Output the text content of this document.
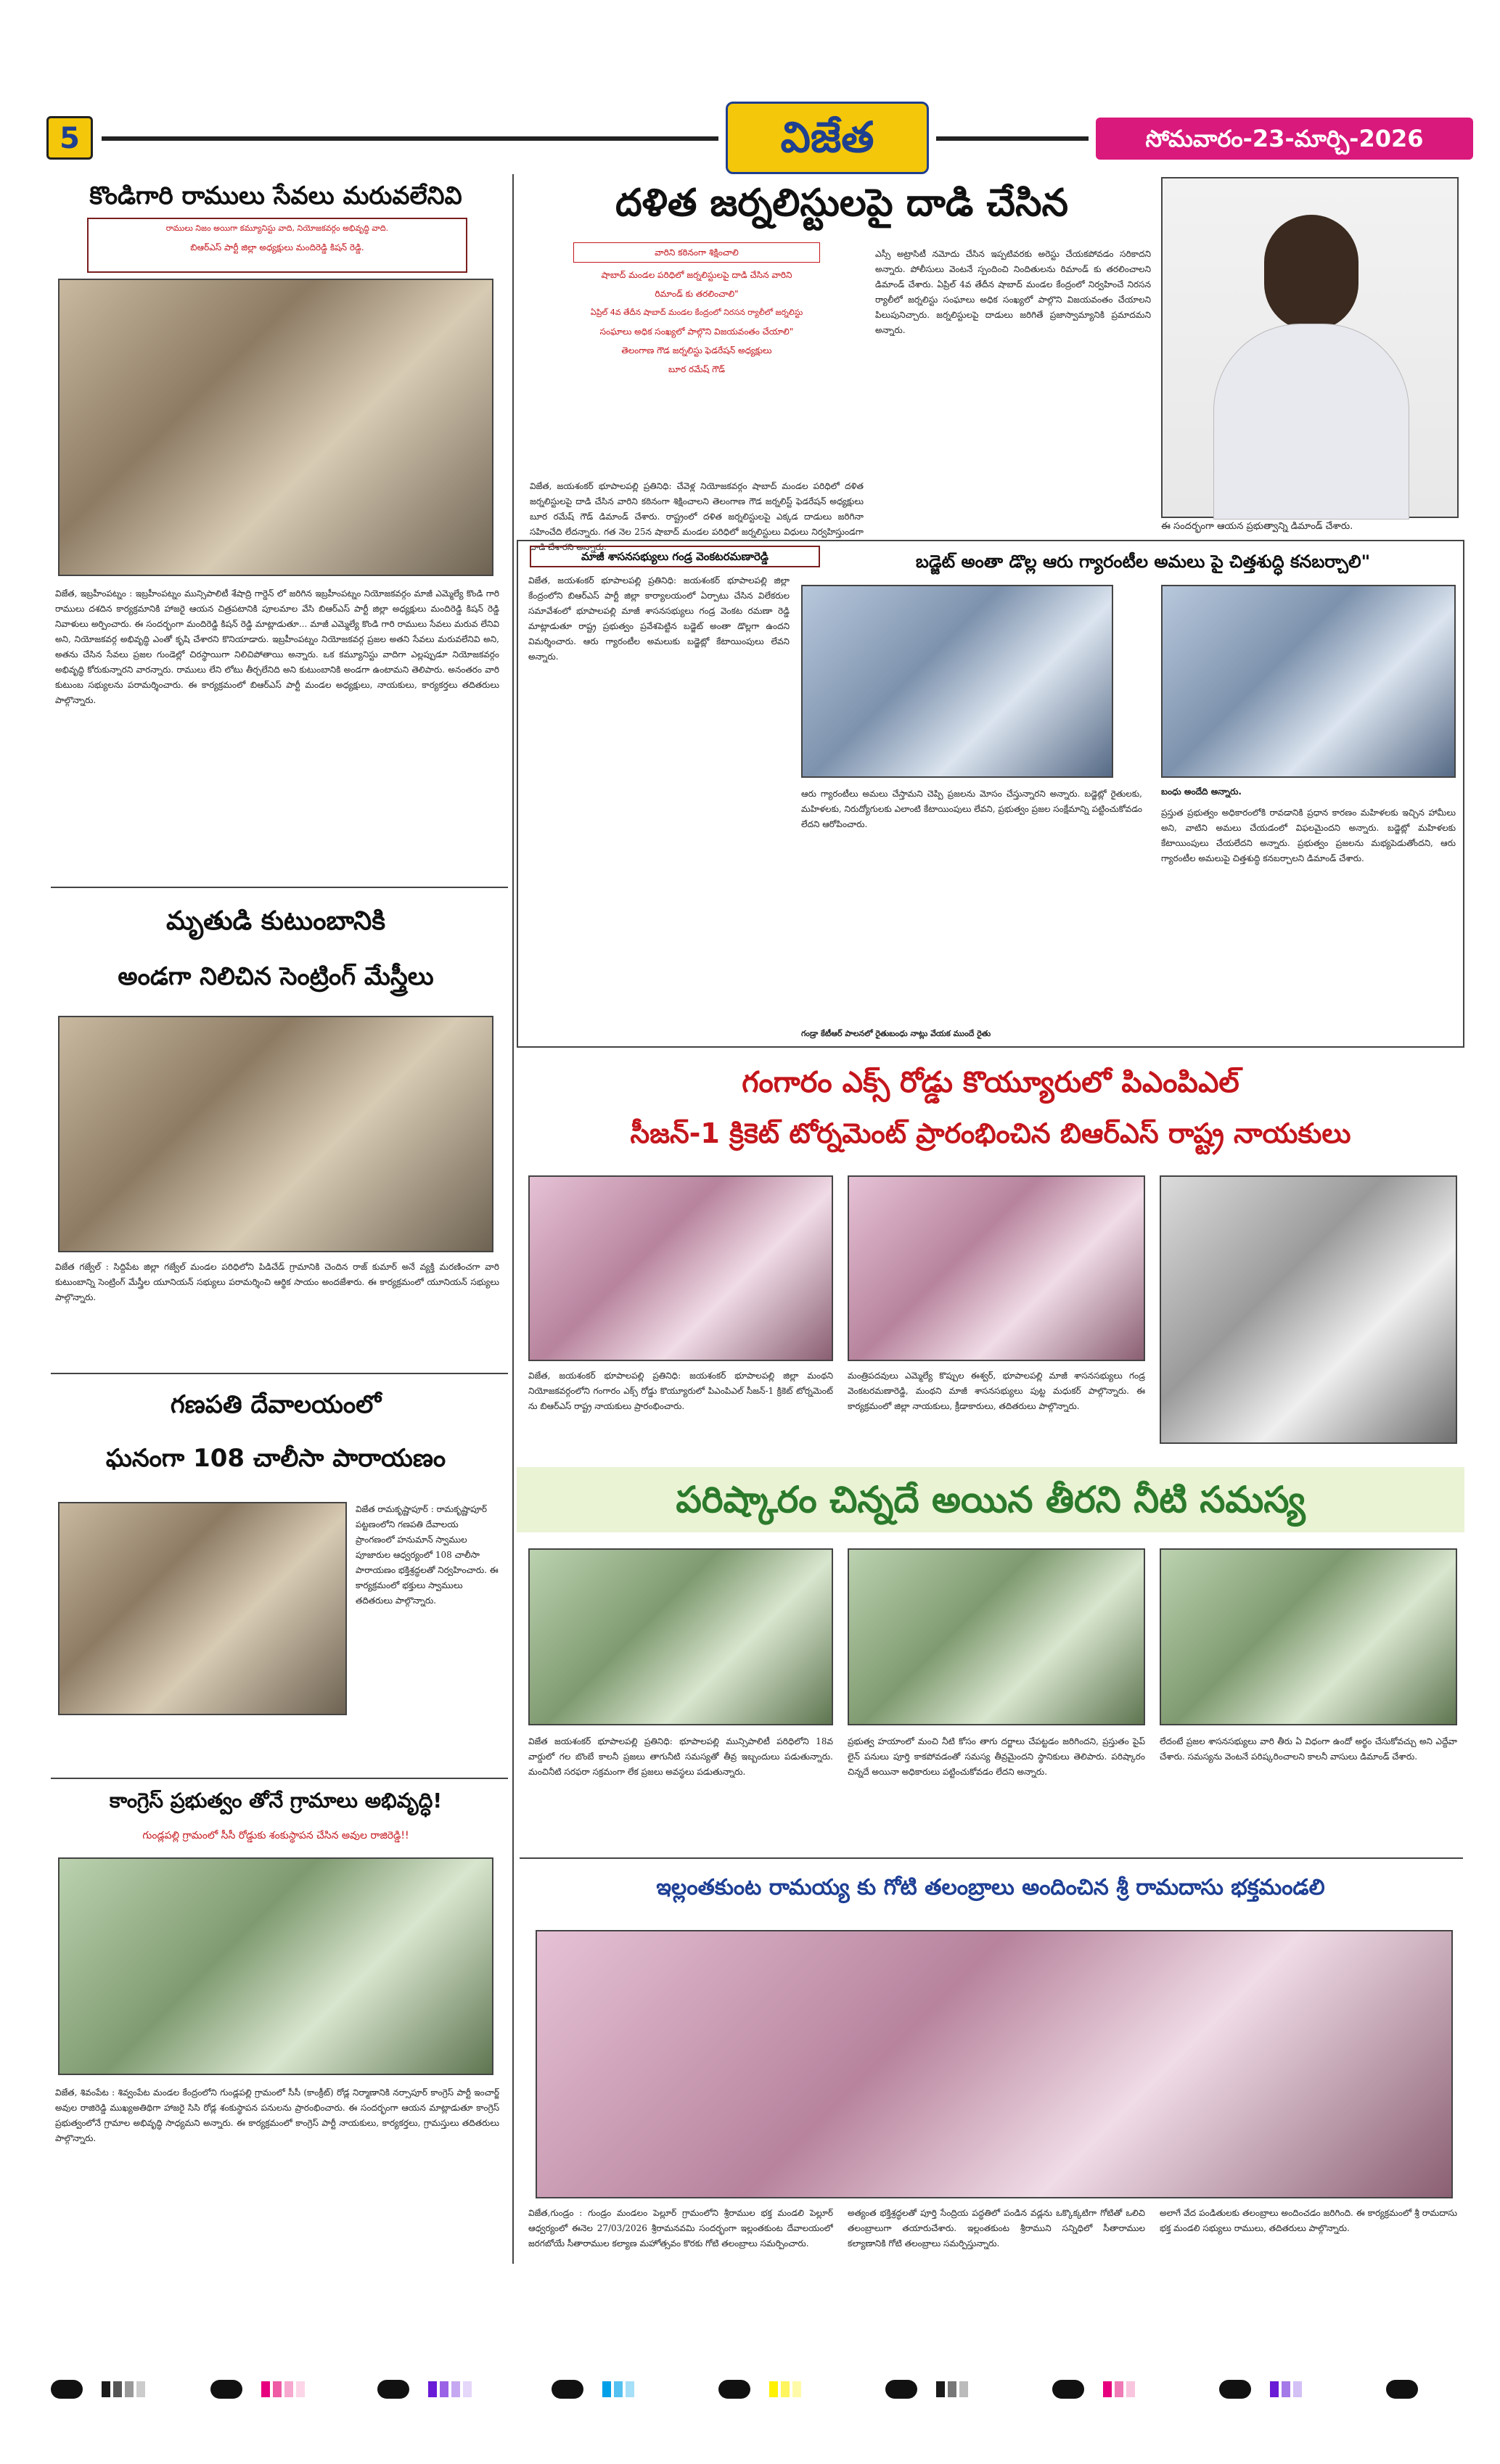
5	విజేత	సోమవారం-23-మార్చి-2026
కొండిగారి రాములు సేవలు మరువలేనివి
రాములు నిజం అయిగా కమ్యూనిస్టు వాది, నియోజకవర్గం అభివృద్ధి వాది.
బిఆర్ఎస్ పార్టీ జిల్లా అధ్యక్షులు మందిరెడ్డి కిషన్ రెడ్డి.
విజేత, ఇబ్రహీంపట్నం : ఇబ్రహీంపట్నం మున్సిపాలిటీ శేషాద్రి గార్డెన్ లో జరిగిన ఇబ్రహీంపట్నం నియోజకవర్గం మాజీ ఎమ్మెల్యే కొండి గారి రాములు దశదిన కార్యక్రమానికి హాజరై ఆయన చిత్రపటానికి పూలమాల వేసి బిఆర్ఎస్ పార్టీ జిల్లా అధ్యక్షులు మందిరెడ్డి కిషన్ రెడ్డి నివాళులు అర్పించారు. ఈ సందర్భంగా మందిరెడ్డి కిషన్ రెడ్డి మాట్లాడుతూ... మాజీ ఎమ్మెల్యే కొండి గారి రాములు సేవలు మరువ లేనివి అని, నియోజకవర్గ అభివృద్ధి ఎంతో కృషి చేశారని కొనియాడారు. ఇబ్రహీంపట్నం నియోజకవర్గ ప్రజల అతని సేవలు మరువలేనివి అని, అతను చేసిన సేవలు ప్రజల గుండెల్లో చిరస్థాయిగా నిలిచిపోతాయి అన్నారు. ఒక కమ్యూనిస్టు వాదిగా ఎల్లప్పుడూ నియోజకవర్గం అభివృద్ధి కోరుకున్నారని వారన్నారు. రాములు లేని లోటు తీర్చలేనిది అని కుటుంబానికి అండగా ఉంటామని తెలిపారు. అనంతరం వారి కుటుంబ సభ్యులను పరామర్శించారు. ఈ కార్యక్రమంలో బిఆర్ఎస్ పార్టీ మండల అధ్యక్షులు, నాయకులు, కార్యకర్తలు తదితరులు పాల్గొన్నారు.
మృతుడి కుటుంబానికి
అండగా నిలిచిన సెంట్రింగ్ మేస్త్రీలు
విజేత గజ్వేల్ : సిద్దిపేట జిల్లా గజ్వేల్ మండల పరిధిలోని పిడిచేడ్ గ్రామానికి చెందిన రాజ్ కుమార్ అనే వ్యక్తి మరణించగా వారి కుటుంబాన్ని సెంట్రింగ్ మేస్త్రీల యూనియన్ సభ్యులు పరామర్శించి ఆర్థిక సాయం అందజేశారు. ఈ కార్యక్రమంలో యూనియన్ సభ్యులు పాల్గొన్నారు.
గణపతి దేవాలయంలో
ఘనంగా 108 చాలీసా పారాయణం
విజేత రామకృష్ణాపూర్ : రామకృష్ణాపూర్ పట్టణంలోని గణపతి దేవాలయ ప్రాంగణంలో హనుమాన్ స్వాముల పూజారుల ఆధ్వర్యంలో 108 చాలీసా పారాయణం భక్తిశ్రద్ధలతో నిర్వహించారు. ఈ కార్యక్రమంలో భక్తులు స్వాములు తదితరులు పాల్గొన్నారు.
కాంగ్రెస్ ప్రభుత్వం తోనే గ్రామాలు అభివృద్ధి!
గుండ్లపల్లి గ్రామంలో సీసీ రోడ్డుకు శంకుస్థాపన చేసిన అవుల రాజిరెడ్డి!!
విజేత, శివంపేట : శివ్వంపేట మండల కేంద్రంలోని గుండ్లపల్లి గ్రామంలో సీసీ (కాంక్రీట్) రోడ్ల నిర్మాణానికి నర్సాపూర్ కాంగ్రెస్ పార్టీ ఇంచార్జ్ అవుల రాజిరెడ్డి ముఖ్యఅతిథిగా హాజరై సిసి రోడ్ల శంకుస్థాపన పనులను ప్రారంభించారు. ఈ సందర్భంగా ఆయన మాట్లాడుతూ కాంగ్రెస్ ప్రభుత్వంలోనే గ్రామాల అభివృద్ధి సాధ్యమని అన్నారు. ఈ కార్యక్రమంలో కాంగ్రెస్ పార్టీ నాయకులు, కార్యకర్తలు, గ్రామస్తులు తదితరులు పాల్గొన్నారు.
దళిత జర్నలిస్టులపై దాడి చేసిన
వారిని కఠినంగా శిక్షించాలి
షాబాద్ మండల పరిధిలో జర్నలిస్టులపై దాడి చేసిన వారిని
రిమాండ్ కు తరలించాలి"
ఏప్రిల్ 4వ తేదీన షాబాద్ మండల కేంద్రంలో నిరసన ర్యాలీలో జర్నలిస్టు
సంఘాలు అధిక సంఖ్యలో పాల్గొని విజయవంతం చేయాలి"
తెలంగాణ గౌడ జర్నలిస్టు ఫెడరేషన్ అధ్యక్షులు
బూర రమేష్ గౌడ్
విజేత, జయశంకర్ భూపాలపల్లి ప్రతినిధి: చేవెళ్ల నియోజకవర్గం షాబాద్ మండల పరిధిలో దళిత జర్నలిస్టులపై దాడి చేసిన వారిని కఠినంగా శిక్షించాలని తెలంగాణ గౌడ జర్నలిస్ట్ ఫెడరేషన్ అధ్యక్షులు బూర రమేష్ గౌడ్ డిమాండ్ చేశారు. రాష్ట్రంలో దళిత జర్నలిస్టులపై ఎక్కడ దాడులు జరిగినా సహించేది లేదన్నారు. గత నెల 25న షాబాద్ మండల పరిధిలో జర్నలిస్టులు విధులు నిర్వహిస్తుండగా దాడి చేశారని అన్నారు.
ఎస్సీ అట్రాసిటీ నమోదు చేసిన ఇప్పటివరకు అరెస్టు చేయకపోవడం సరికాదని అన్నారు. పోలీసులు వెంటనే స్పందించి నిందితులను రిమాండ్ కు తరలించాలని డిమాండ్ చేశారు. ఏప్రిల్ 4వ తేదీన షాబాద్ మండల కేంద్రంలో నిర్వహించే నిరసన ర్యాలీలో జర్నలిస్టు సంఘాలు అధిక సంఖ్యలో పాల్గొని విజయవంతం చేయాలని పిలుపునిచ్చారు. జర్నలిస్టులపై దాడులు జరిగితే ప్రజాస్వామ్యానికి ప్రమాదమని అన్నారు.
ఈ సందర్భంగా ఆయన ప్రభుత్వాన్ని డిమాండ్ చేశారు.
మాజీ శాసనసభ్యులు గండ్ర వెంకటరమణారెడ్డి	బడ్జెట్ అంతా డొల్ల ఆరు గ్యారంటీల అమలు పై చిత్తశుద్ధి కనబర్చాలి"
విజేత, జయశంకర్ భూపాలపల్లి ప్రతినిధి: జయశంకర్ భూపాలపల్లి జిల్లా కేంద్రంలోని బిఆర్ఎస్ పార్టీ జిల్లా కార్యాలయంలో ఏర్పాటు చేసిన విలేకరుల సమావేశంలో భూపాలపల్లి మాజీ శాసనసభ్యులు గండ్ర వెంకట రమణా రెడ్డి మాట్లాడుతూ రాష్ట్ర ప్రభుత్వం ప్రవేశపెట్టిన బడ్జెట్ అంతా డొల్లగా ఉందని విమర్శించారు. ఆరు గ్యారంటీల అమలుకు బడ్జెట్లో కేటాయింపులు లేవని అన్నారు.
ఆరు గ్యారంటీలు అమలు చేస్తామని చెప్పి ప్రజలను మోసం చేస్తున్నారని అన్నారు. బడ్జెట్లో రైతులకు, మహిళలకు, నిరుద్యోగులకు ఎలాంటి కేటాయింపులు లేవని, ప్రభుత్వం ప్రజల సంక్షేమాన్ని పట్టించుకోవడం లేదని ఆరోపించారు.
గండ్రా కేటీఆర్ పాలనలో రైతుబంధు నాట్లు వేయక ముందే రైతు
బంధు అందేది అన్నారు.
ప్రస్తుత ప్రభుత్వం అధికారంలోకి రావడానికి ప్రధాన కారణం మహిళలకు ఇచ్చిన హామీలు అని, వాటిని అమలు చేయడంలో విఫలమైందని అన్నారు. బడ్జెట్లో మహిళలకు కేటాయింపులు చేయలేదని అన్నారు. ప్రభుత్వం ప్రజలను మభ్యపెడుతోందని, ఆరు గ్యారంటీల అమలుపై చిత్తశుద్ధి కనబర్చాలని డిమాండ్ చేశారు.
గంగారం ఎక్స్ రోడ్డు కొయ్యూరులో పిఎంపిఎల్
సీజన్-1 క్రికెట్ టోర్నమెంట్ ప్రారంభించిన బిఆర్ఎస్ రాష్ట్ర నాయకులు
విజేత, జయశంకర్ భూపాలపల్లి ప్రతినిధి: జయశంకర్ భూపాలపల్లి జిల్లా మంథని నియోజకవర్గంలోని గంగారం ఎక్స్ రోడ్డు కొయ్యూరులో పిఎంపిఎల్ సీజన్-1 క్రికెట్ టోర్నమెంట్ ను బిఆర్ఎస్ రాష్ట్ర నాయకులు ప్రారంభించారు.
మంత్రిపదవులు ఎమ్మెల్యే కొప్పుల ఈశ్వర్, భూపాలపల్లి మాజీ శాసనసభ్యులు గండ్ర వెంకటరమణారెడ్డి, మంథని మాజీ శాసనసభ్యులు పుట్ట మధుకర్ పాల్గొన్నారు. ఈ కార్యక్రమంలో జిల్లా నాయకులు, క్రీడాకారులు, తదితరులు పాల్గొన్నారు.
పరిష్కారం చిన్నదే అయిన తీరని నీటి సమస్య
విజేత జయశంకర్ భూపాలపల్లి ప్రతినిధి: భూపాలపల్లి మున్సిపాలిటీ పరిధిలోని 18వ వార్డులో గల బొంబే కాలనీ ప్రజలు తాగునీటి సమస్యతో తీవ్ర ఇబ్బందులు పడుతున్నారు. మంచినీటి సరఫరా సక్రమంగా లేక ప్రజలు అవస్థలు పడుతున్నారు.
ప్రభుత్వ హయాంలో మంచి నీటి కోసం తాగు దర్జాలు చేపట్టడం జరిగిందని, ప్రస్తుతం పైప్ లైన్ పనులు పూర్తి కాకపోవడంతో సమస్య తీవ్రమైందని స్థానికులు తెలిపారు. పరిష్కారం చిన్నదే అయినా అధికారులు పట్టించుకోవడం లేదని అన్నారు.
లేదంటే ప్రజల శాసనసభ్యులు వారి తీరు ఏ విధంగా ఉందో అర్థం చేసుకోవచ్చు అని ఎద్దేవా చేశారు. సమస్యను వెంటనే పరిష్కరించాలని కాలనీ వాసులు డిమాండ్ చేశారు.
ఇల్లంతకుంట రామయ్య కు గోటి తలంబ్రాలు అందించిన శ్రీ రామదాసు భక్తమండలి
విజేత,గుండ్రం : గుండ్రం మండలం పెల్లూర్ గ్రామంలోని శ్రీరాముల భక్త మండలి పెల్లూర్ ఆధ్వర్యంలో ఈనెల 27/03/2026 శ్రీరామనవమి సందర్భంగా ఇల్లంతకుంట దేవాలయంలో జరగబోయే సీతారాముల కల్యాణ మహోత్సవం కొరకు గోటి తలంబ్రాలు సమర్పించారు.
అత్యంత భక్తిశ్రద్ధలతో పూర్తి సేంద్రియ పద్ధతిలో పండిన వడ్లను ఒక్కొక్కటిగా గోటితో ఒలిచి తలంబ్రాలుగా తయారుచేశారు. ఇల్లంతకుంట శ్రీరాముని సన్నిధిలో సీతారాముల కల్యాణానికి గోటి తలంబ్రాలు సమర్పిస్తున్నారు.
అలాగే వేద పండితులకు తలంబ్రాలు అందించడం జరిగింది. ఈ కార్యక్రమంలో శ్రీ రామదాసు భక్త మండలి సభ్యులు రాములు, తదితరులు పాల్గొన్నారు.
